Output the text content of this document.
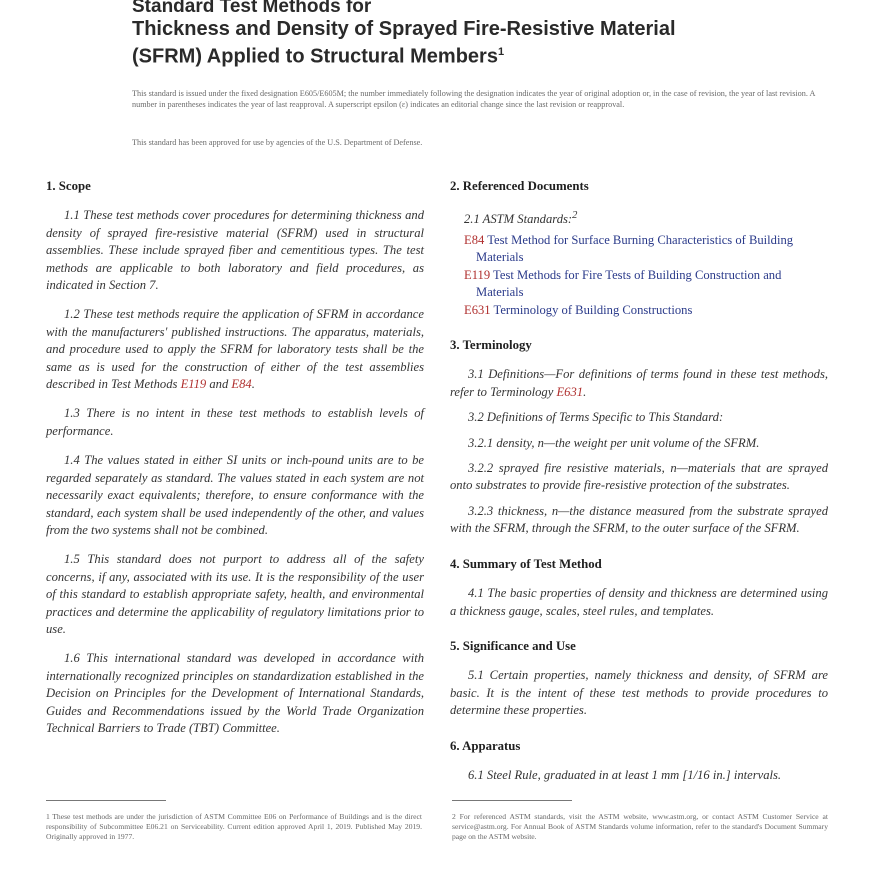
Standard Test Methods for
Thickness and Density of Sprayed Fire-Resistive Material
(SFRM) Applied to Structural Members$^1$
This standard is issued under the fixed designation E605/E605M; the number immediately following the designation indicates the year of original adoption or, in the case of revision, the year of last revision. A number in parentheses indicates the year of last reapproval. A superscript epsilon (ε) indicates an editorial change since the last revision or reapproval.
This standard has been approved for use by agencies of the U.S. Department of Defense.
1. Scope
1.1 These test methods cover procedures for determining thickness and density of sprayed fire-resistive material (SFRM) used in structural assemblies. These include sprayed fiber and cementitious types. The test methods are applicable to both laboratory and field procedures, as indicated in Section 7.
1.2 These test methods require the application of SFRM in accordance with the manufacturers' published instructions. The apparatus, materials, and procedure used to apply the SFRM for laboratory tests shall be the same as is used for the construction of either of the test assemblies described in Test Methods E119 and E84.
1.3 There is no intent in these test methods to establish levels of performance.
1.4 The values stated in either SI units or inch-pound units are to be regarded separately as standard. The values stated in each system are not necessarily exact equivalents; therefore, to ensure conformance with the standard, each system shall be used independently of the other, and values from the two systems shall not be combined.
1.5 This standard does not purport to address all of the safety concerns, if any, associated with its use. It is the responsibility of the user of this standard to establish appropriate safety, health, and environmental practices and determine the applicability of regulatory limitations prior to use.
1.6 This international standard was developed in accordance with internationally recognized principles on standardization established in the Decision on Principles for the Development of International Standards, Guides and Recommendations issued by the World Trade Organization Technical Barriers to Trade (TBT) Committee.
2. Referenced Documents
2.1 ASTM Standards:$^2$
E84 Test Method for Surface Burning Characteristics of Building Materials
E119 Test Methods for Fire Tests of Building Construction and Materials
E631 Terminology of Building Constructions
3. Terminology
3.1 Definitions—For definitions of terms found in these test methods, refer to Terminology E631.
3.2 Definitions of Terms Specific to This Standard:
3.2.1 density, n—the weight per unit volume of the SFRM.
3.2.2 sprayed fire resistive materials, n—materials that are sprayed onto substrates to provide fire-resistive protection of the substrates.
3.2.3 thickness, n—the distance measured from the substrate sprayed with the SFRM, through the SFRM, to the outer surface of the SFRM.
4. Summary of Test Method
4.1 The basic properties of density and thickness are determined using a thickness gauge, scales, steel rules, and templates.
5. Significance and Use
5.1 Certain properties, namely thickness and density, of SFRM are basic. It is the intent of these test methods to provide procedures to determine these properties.
6. Apparatus
6.1 Steel Rule, graduated in at least 1 mm [1/16 in.] intervals.
1 These test methods are under the jurisdiction of ASTM Committee E06 on Performance of Buildings and is the direct responsibility of Subcommittee E06.21 on Serviceability. Current edition approved April 1, 2019. Published May 2019. Originally approved in 1977.
2 For referenced ASTM standards, visit the ASTM website, www.astm.org, or contact ASTM Customer Service at service@astm.org. For Annual Book of ASTM Standards volume information, refer to the standard's Document Summary page on the ASTM website.
